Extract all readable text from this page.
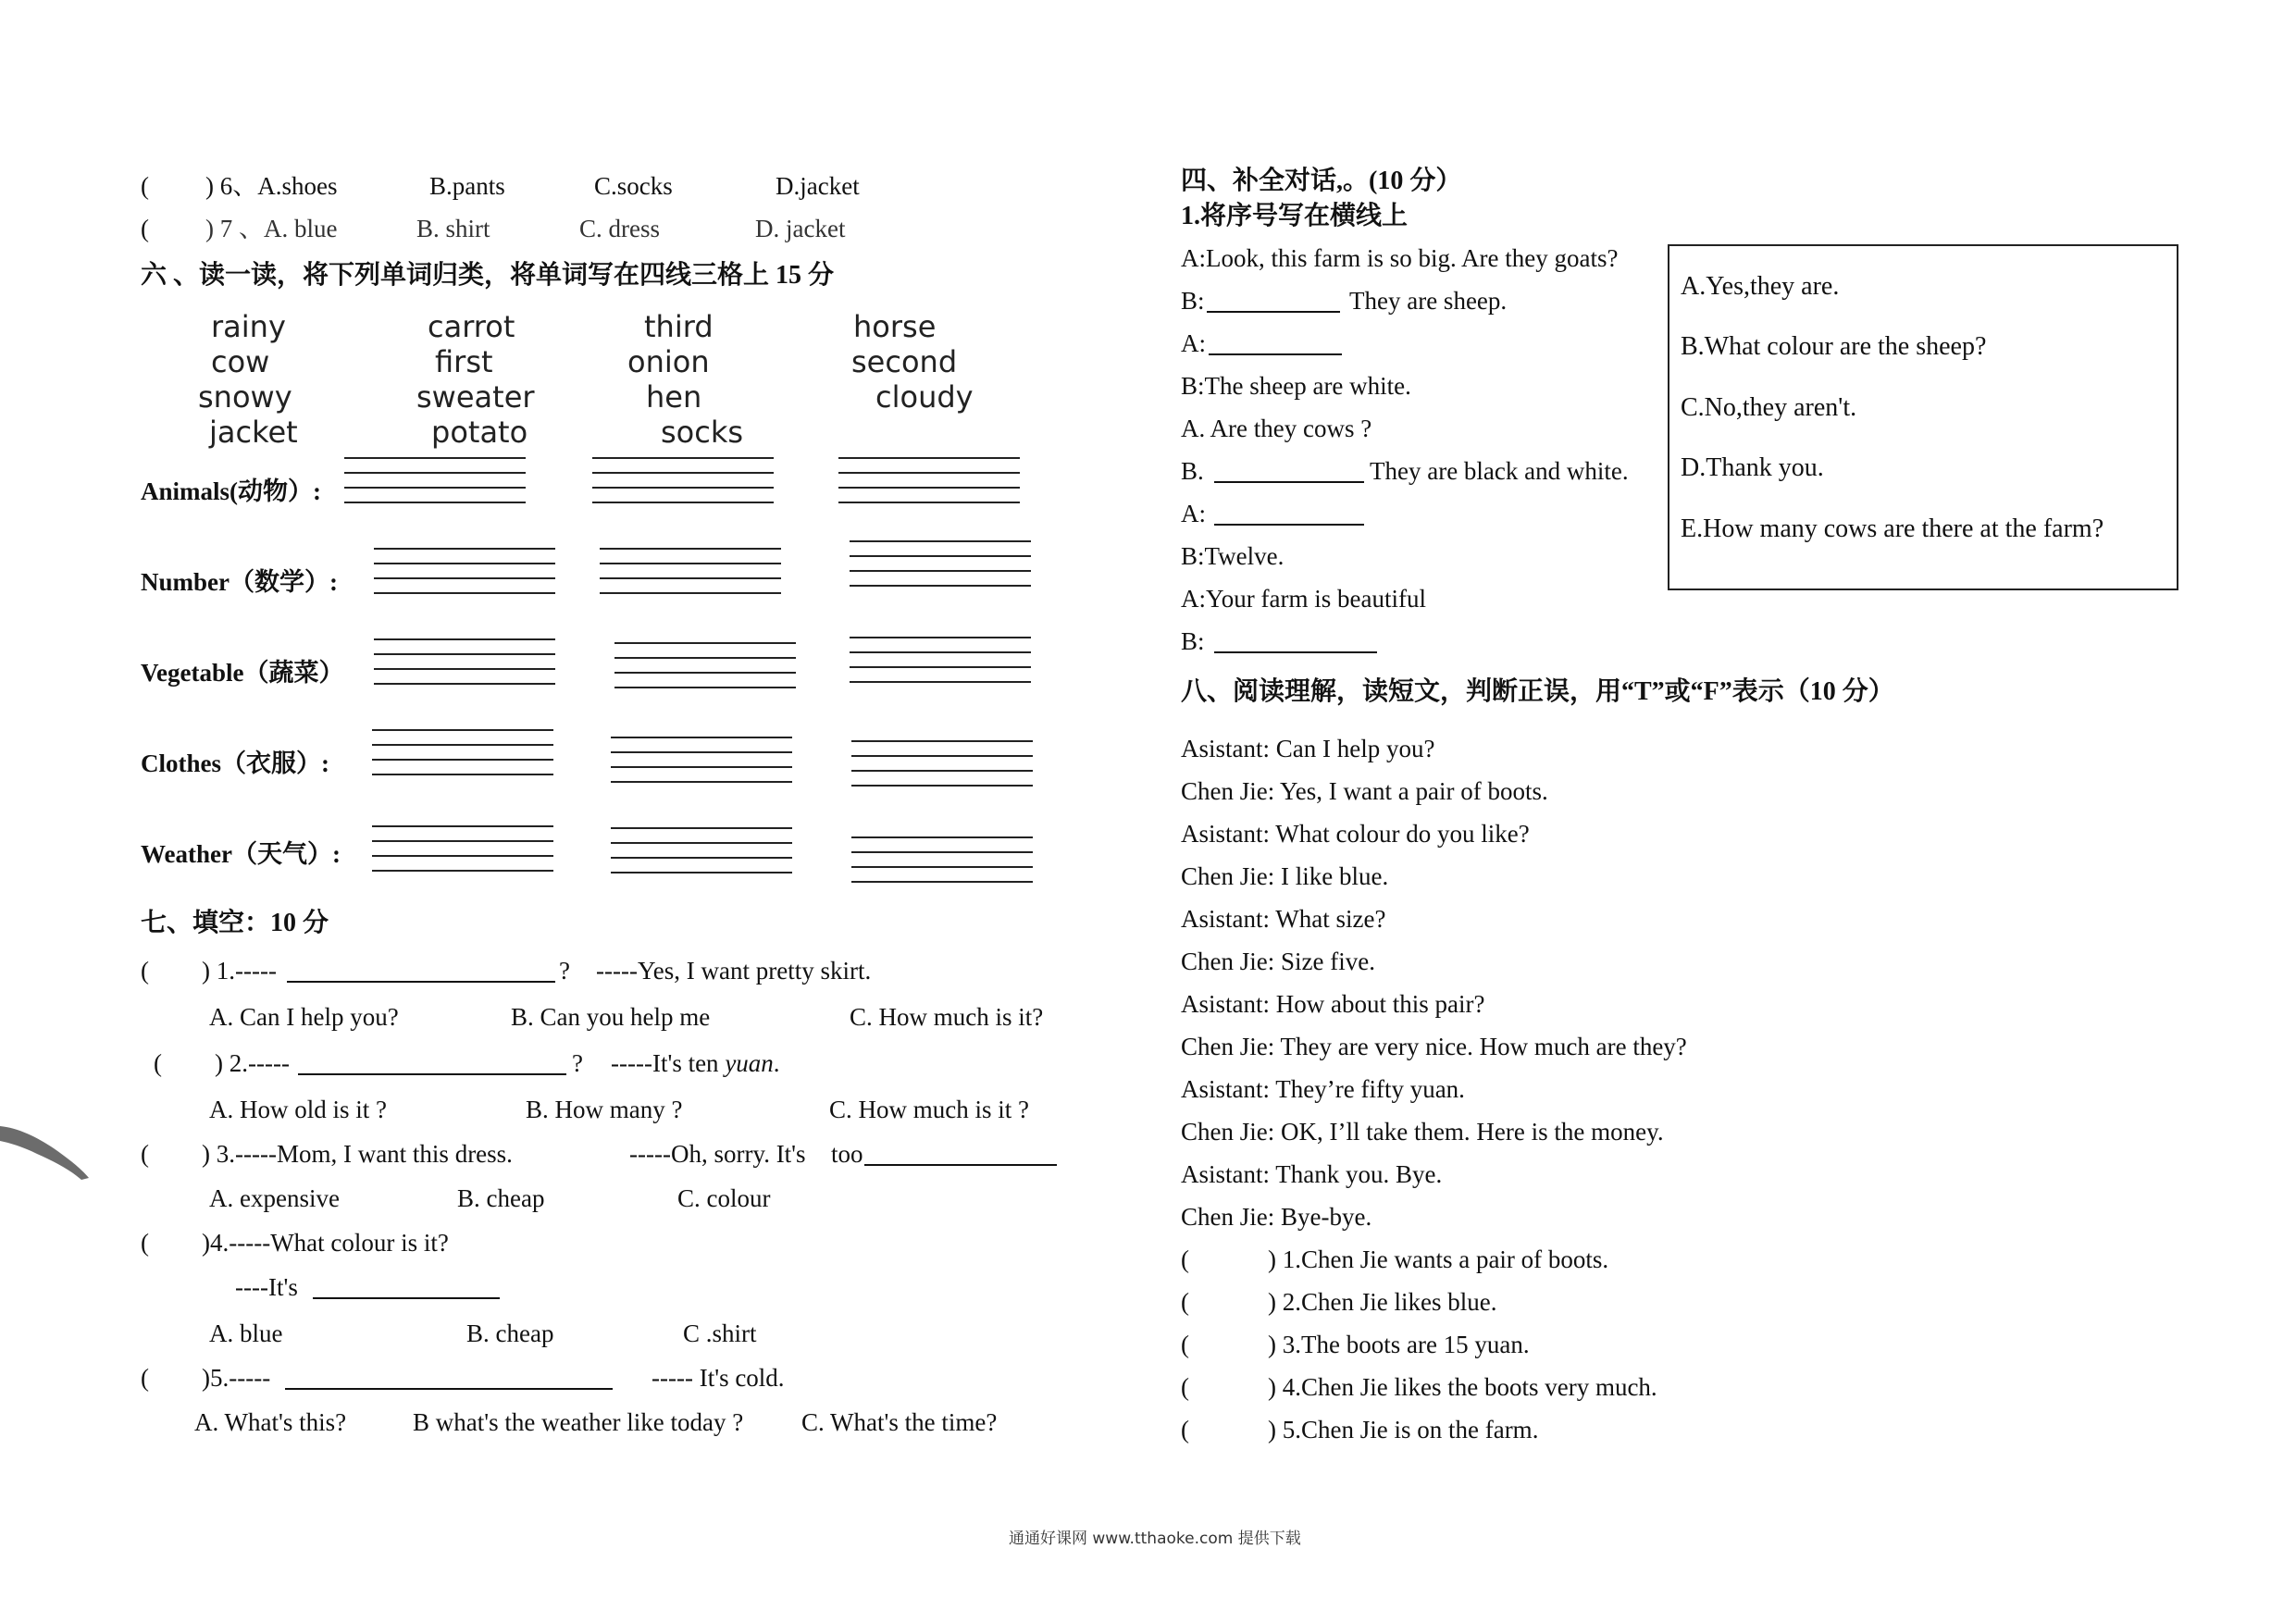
( ) 6、A.shoes	B.pants	C.socks	D.jacket
( ) 7 、A. blue	B. shirt	C. dress	D. jacket
六 、读一读，将下列单词归类，将单词写在四线三格上 15 分
rainy	carrot	third	horse
cow	first	onion	second
snowy	sweater	hen	cloudy
jacket	potato	socks
Animals(动物）:
Number（数学）:
Vegetable（蔬菜）
Clothes（衣服）:
Weather（天气）:
七、填空：10 分
( ) 1.-----	? -----Yes, I want pretty skirt.
A. Can I help you?	B. Can you help me	C. How much is it?
( ) 2.-----	? -----It's ten yuan.
A. How old is it ?	B. How many ?	C. How much is it ?
( ) 3.-----Mom, I want this dress.	-----Oh, sorry. It's too
A. expensive	B. cheap	C. colour
( )4.-----What colour is it?
----It's
A. blue	B. cheap	C .shirt
( )5.-----	----- It's cold.
A. What's this?	B what's the weather like today ? C. What's the time?
四、补全对话,。(10 分）
1.将序号写在横线上
A:Look, this farm is so big. Are they goats?
B:	They are sheep.
A:
B:The sheep are white.
A. Are they cows ?
B.	They are black and white.
A:
B:Twelve.
A:Your farm is beautiful
B:
A.Yes,they are.
B.What colour are the sheep?
C.No,they aren't.
D.Thank you.
E.How many cows are there at the farm?
八、阅读理解，读短文，判断正误，用“T”或“F”表示（10 分）
Asistant: Can I help you?
Chen Jie: Yes, I want a pair of boots.
Asistant: What colour do you like?
Chen Jie: I like blue.
Asistant: What size?
Chen Jie: Size five.
Asistant: How about this pair?
Chen Jie: They are very nice. How much are they?
Asistant: They’re fifty yuan.
Chen Jie: OK, I’ll take them. Here is the money.
Asistant: Thank you. Bye.
Chen Jie: Bye-bye.
(	) 1.Chen Jie wants a pair of boots.
(	) 2.Chen Jie likes blue.
(	) 3.The boots are 15 yuan.
(	) 4.Chen Jie likes the boots very much.
(	) 5.Chen Jie is on the farm.
通通好课网 www.tthaoke.com 提供下载
